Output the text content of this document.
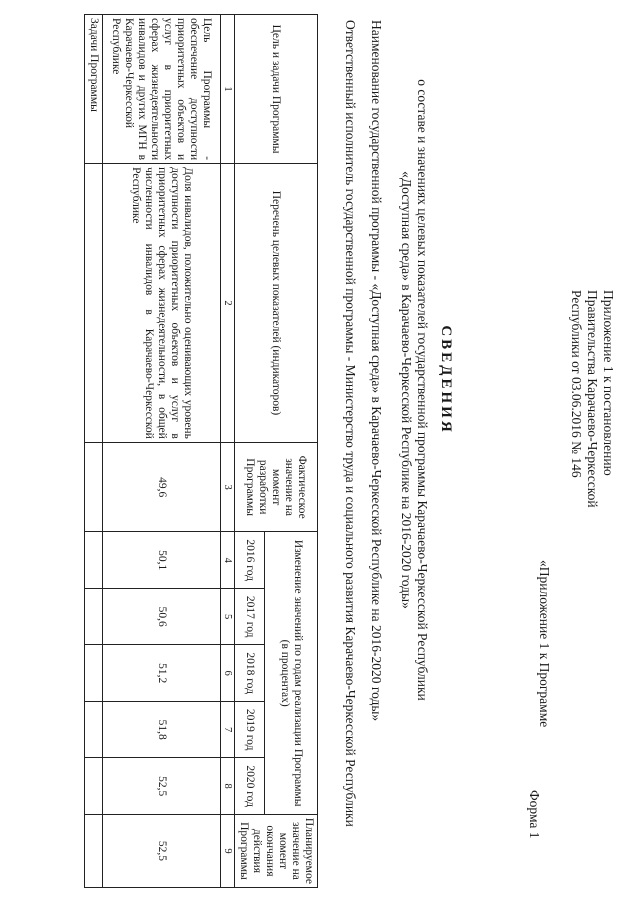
Приложение 1 к постановлению
Правительства Карачаево-Черкесской
Республики от 03.06.2016 № 146
«Приложение 1 к Программе
Форма 1
СВЕДЕНИЯ
о составе и значениях целевых показателей государственной программы Карачаево-Черкесской Республики
«Доступная среда» в Карачаево-Черкесской Республике на 2016-2020 годы»
Наименование государственной программы - «Доступная среда» в Карачаево-Черкесской Республике на 2016-2020 годы»
Ответственный исполнитель государственной программы - Министерство труда и социального развития Карачаево-Черкесской Республики
Цель и задачи Программы	Перечень целевых показателей (индикаторов)	Фактическое значение на момент разработки Программы	Изменение значений по годам реализации Программы (в процентах)					Планируемое значение на момент окончания действия Программы
			2016 год	2017 год	2018 год	2019 год	2020 год	
1	2	3	4	5	6	7	8	9
Цель Программы - обеспечение доступности приоритетных объектов и услуг в приоритетных сферах жизнедеятельности инвалидов и других МГН в Карачаево-Черкесской Республике	Доля инвалидов, положительно оценивающих уровень доступности приоритетных объектов и услуг в приоритетных сферах жизнедеятельности, в общей численности инвалидов в Карачаево-Черкесской Республике	49,6	50,1	50,6	51,2	51,8	52,5	52,5
Задачи Программы								
